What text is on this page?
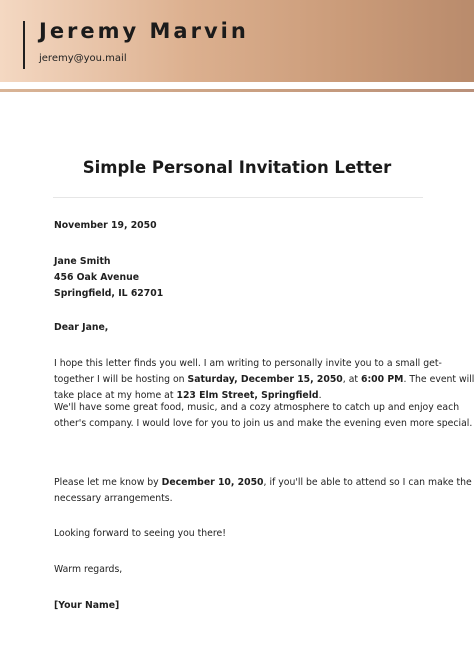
Jeremy Marvin
jeremy@you.mail
Simple Personal Invitation Letter
November 19, 2050
Jane Smith
456 Oak Avenue
Springfield, IL 62701
Dear Jane,
I hope this letter finds you well. I am writing to personally invite you to a small get-
together I will be hosting on Saturday, December 15, 2050, at 6:00 PM. The event will
take place at my home at 123 Elm Street, Springfield.
We'll have some great food, music, and a cozy atmosphere to catch up and enjoy each
other's company. I would love for you to join us and make the evening even more special.
Please let me know by December 10, 2050, if you'll be able to attend so I can make the
necessary arrangements.
Looking forward to seeing you there!
Warm regards,
[Your Name]
